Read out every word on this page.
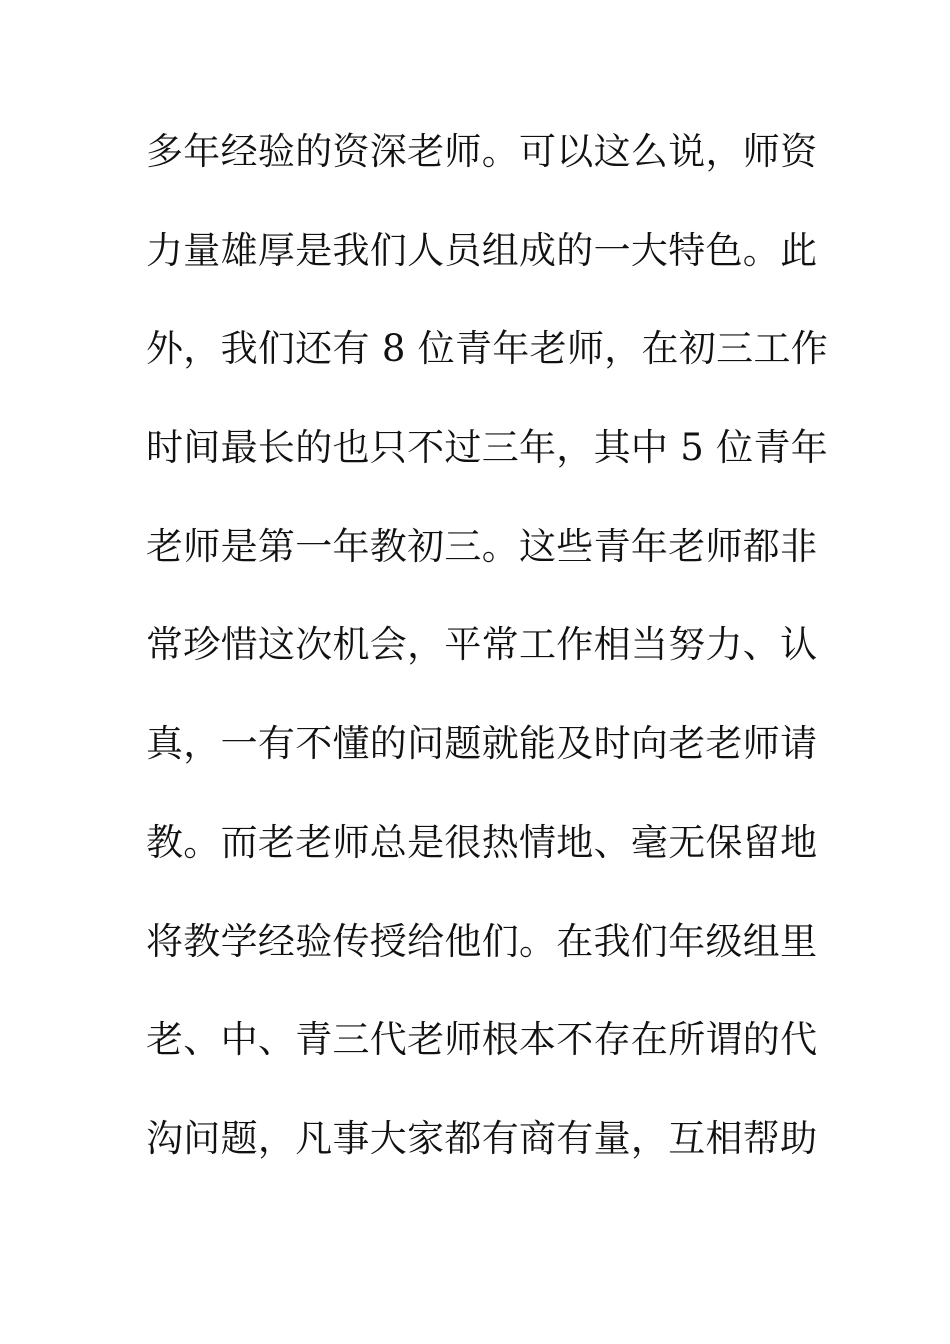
多年经验的资深老师。可以这么说，师资
力量雄厚是我们人员组成的一大特色。此
外，我们还有 8 位青年老师，在初三工作
时间最长的也只不过三年，其中 5 位青年
老师是第一年教初三。这些青年老师都非
常珍惜这次机会，平常工作相当努力、认
真，一有不懂的问题就能及时向老老师请
教。而老老师总是很热情地、毫无保留地
将教学经验传授给他们。在我们年级组里
老、中、青三代老师根本不存在所谓的代
沟问题，凡事大家都有商有量，互相帮助
